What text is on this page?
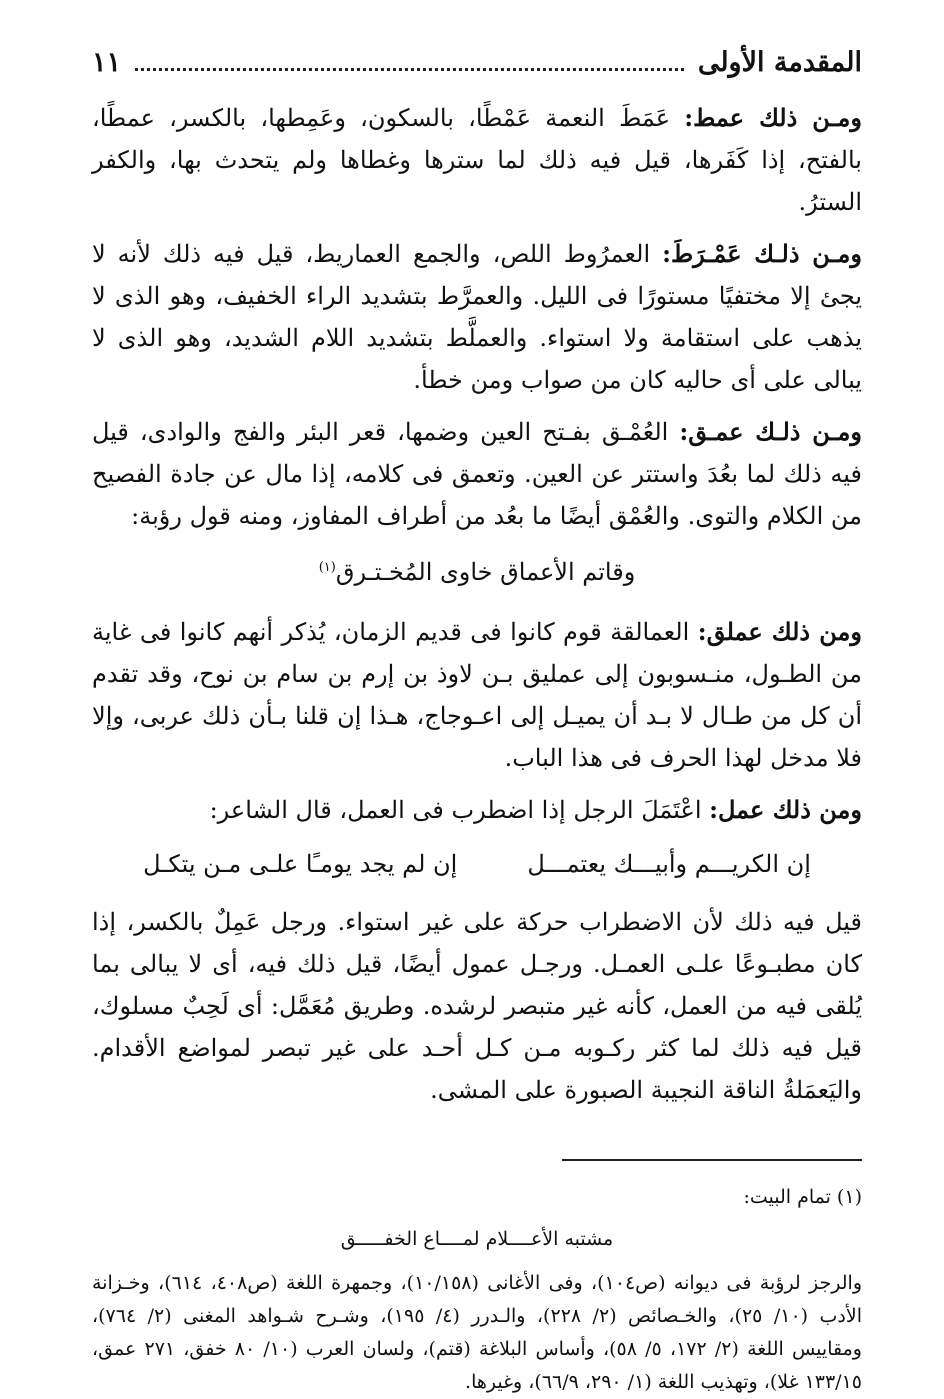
المقدمة الأولى
١١

ومـن ذلك عمط: عَمَطَ النعمة عَمْطًا، بالسكون، وعَمِطها، بالكسر، عمطًا، بالفتح، إذا كَفَرها، قيل فيه ذلك لما سترها وغطاها ولم يتحدث بها، والكفر السترُ.

ومـن ذلـك عَمْـرَطَ: العمرُوط اللص، والجمع العماريط، قيل فيه ذلك لأنه لا يجئ إلا مختفيًا مستورًا فى الليل. والعمرَّط بتشديد الراء الخفيف، وهو الذى لا يذهب على استقامة ولا استواء. والعملَّط بتشديد اللام الشديد، وهو الذى لا يبالى على أى حاليه كان من صواب ومن خطأ.

ومـن ذلـك عمـق: العُمْـق بفـتح العين وضمها، قعر البئر والفج والوادى، قيل فيه ذلك لما بعُدَ واستتر عن العين. وتعمق فى كلامه، إذا مال عن جادة الفصيح من الكلام والتوى. والعُمْق أيضًا ما بعُد من أطراف المفاوز، ومنه قول رؤبة:

وقاتم الأعماق خاوى المُخـتـرق$^{(١)}$

ومن ذلك عملق: العمالقة قوم كانوا فى قديم الزمان، يُذكر أنهم كانوا فى غاية من الطـول، منـسوبون إلى عمليق بـن لاوذ بن إرم بن سام بن نوح، وقد تقدم أن كل من طـال لا بـد أن يميـل إلى اعـوجاج، هـذا إن قلنا بـأن ذلك عربى، وإلا فلا مدخل لهذا الحرف فى هذا الباب.

ومن ذلك عمل: اعْتَمَلَ الرجل إذا اضطرب فى العمل، قال الشاعر:

إن الكريـــم وأبيـــك يعتمـــل
إن لم يجد يومـًا علـى مـن يتكـل

قيل فيه ذلك لأن الاضطراب حركة على غير استواء. ورجل عَمِلٌ بالكسر، إذا كان مطبـوعًا علـى العمـل. ورجـل عمول أيضًا، قيل ذلك فيه، أى لا يبالى بما يُلقى فيه من العمل، كأنه غير متبصر لرشده. وطريق مُعَمَّل: أى لَحِبٌ مسلوك، قيل فيه ذلك لما كثر ركـوبه مـن كـل أحـد على غير تبصر لمواضع الأقدام. واليَعمَلةُ الناقة النجيبة الصبورة على المشى.

(١) تمام البيت:
مشتبه الأعــــلام لمــــاع الخفـــــق
والرجز لرؤبة فى ديوانه (ص١٠٤)، وفى الأغانى (١٠/١٥٨)، وجمهرة اللغة (ص٤٠٨، ٦١٤)، وخـزانة الأدب (١٠/ ٢٥)، والخـصائص (٢/ ٢٢٨)، والـدرر (٤/ ١٩٥)، وشـرح شـواهد المغنى (٢/ ٧٦٤)، ومقاييس اللغة (٢/ ١٧٢، ٥/ ٥٨)، وأساس البلاغة (قتم)، ولسان العرب (١٠/ ٨٠ خفق، ٢٧١ عمق، ١٣٣/١٥ غلا)، وتهذيب اللغة (١/ ٢٩٠، ٦٦/٩)، وغيرها.
